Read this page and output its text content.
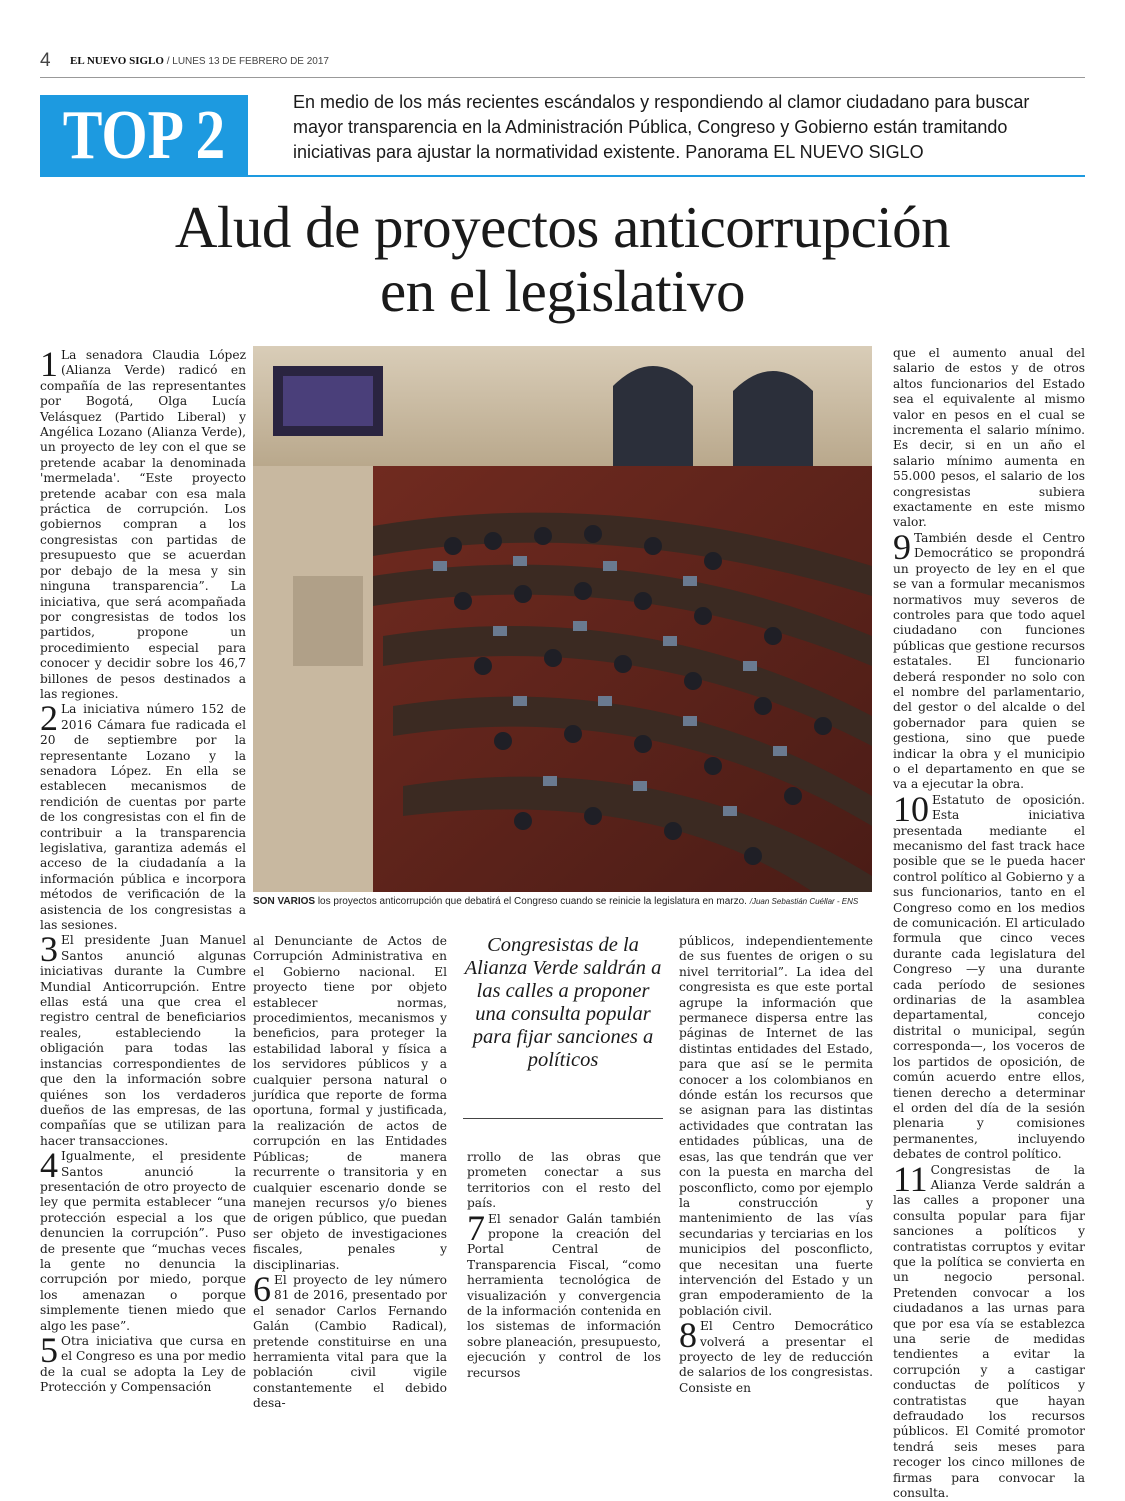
4 EL NUEVO SIGLO / LUNES 13 DE FEBRERO DE 2017
TOP 2	En medio de los más recientes escándalos y respondiendo al clamor ciudadano para buscar mayor transparencia en la Administración Pública, Congreso y Gobierno están tramitando iniciativas para ajustar la normatividad existente. Panorama EL NUEVO SIGLO
Alud de proyectos anticorrupción
en el legislativo
1 La senadora Claudia López (Alianza Verde) radicó en compañía de las representantes por Bogotá, Olga Lucía Velásquez (Partido Liberal) y Angélica Lozano (Alianza Verde), un proyecto de ley con el que se pretende acabar la denominada 'mermelada'. “Este proyecto pretende acabar con esa mala práctica de corrupción. Los gobiernos compran a los congresistas con partidas de presupuesto que se acuerdan por debajo de la mesa y sin ninguna transparencia”. La iniciativa, que será acompañada por congresistas de todos los partidos, propone un procedimiento especial para conocer y decidir sobre los 46,7 billones de pesos destinados a las regiones.
2 La iniciativa número 152 de 2016 Cámara fue radicada el 20 de septiembre por la representante Lozano y la senadora López. En ella se establecen mecanismos de rendición de cuentas por parte de los congresistas con el fin de contribuir a la transparencia legislativa, garantiza además el acceso de la ciudadanía a la información pública e incorpora métodos de verificación de la asistencia de los congresistas a las sesiones.
3 El presidente Juan Manuel Santos anunció algunas iniciativas durante la Cumbre Mundial Anticorrupción. Entre ellas está una que crea el registro central de beneficiarios reales, estableciendo la obligación para todas las instancias correspondientes de que den la información sobre quiénes son los verdaderos dueños de las empresas, de las compañías que se utilizan para hacer transacciones.
4 Igualmente, el presidente Santos anunció la presentación de otro proyecto de ley que permita establecer “una protección especial a los que denuncien la corrupción”. Puso de presente que “muchas veces la gente no denuncia la corrupción por miedo, porque los amenazan o porque simplemente tienen miedo que algo les pase”.
5 Otra iniciativa que cursa en el Congreso es una por medio de la cual se adopta la Ley de Protección y Compensación
SON VARIOS los proyectos anticorrupción que debatirá el Congreso cuando se reinicie la legislatura en marzo. /Juan Sebastián Cuéllar - ENS
al Denunciante de Actos de Corrupción Administrativa en el Gobierno nacional. El proyecto tiene por objeto establecer normas, procedimientos, mecanismos y beneficios, para proteger la estabilidad laboral y física a los servidores públicos y a cualquier persona natural o jurídica que reporte de forma oportuna, formal y justificada, la realización de actos de corrupción en las Entidades Públicas; de manera recurrente o transitoria y en cualquier escenario donde se manejen recursos y/o bienes de origen público, que puedan ser objeto de investigaciones fiscales, penales y disciplinarias.
6 El proyecto de ley número 81 de 2016, presentado por el senador Carlos Fernando Galán (Cambio Radical), pretende constituirse en una herramienta vital para que la población civil vigile constantemente el debido desa-
Congresistas de la Alianza Verde saldrán a las calles a proponer una consulta popular para fijar sanciones a políticos
rrollo de las obras que prometen conectar a sus territorios con el resto del país.
7 El senador Galán también propone la creación del Portal Central de Transparencia Fiscal, “como herramienta tecnológica de visualización y convergencia de la información contenida en los sistemas de información sobre planeación, presupuesto, ejecución y control de los recursos
públicos, independientemente de sus fuentes de origen o su nivel territorial”. La idea del congresista es que este portal agrupe la información que permanece dispersa entre las páginas de Internet de las distintas entidades del Estado, para que así se le permita conocer a los colombianos en dónde están los recursos que se asignan para las distintas actividades que contratan las entidades públicas, una de esas, las que tendrán que ver con la puesta en marcha del posconflicto, como por ejemplo la construcción y mantenimiento de las vías secundarias y terciarias en los municipios del posconflicto, que necesitan una fuerte intervención del Estado y un gran empoderamiento de la población civil.
8 El Centro Democrático volverá a presentar el proyecto de ley de reducción de salarios de los congresistas. Consiste en
que el aumento anual del salario de estos y de otros altos funcionarios del Estado sea el equivalente al mismo valor en pesos en el cual se incrementa el salario mínimo. Es decir, si en un año el salario mínimo aumenta en 55.000 pesos, el salario de los congresistas subiera exactamente en este mismo valor.
9 También desde el Centro Democrático se propondrá un proyecto de ley en el que se van a formular mecanismos normativos muy severos de controles para que todo aquel ciudadano con funciones públicas que gestione recursos estatales. El funcionario deberá responder no solo con el nombre del parlamentario, del gestor o del alcalde o del gobernador para quien se gestiona, sino que puede indicar la obra y el municipio o el departamento en que se va a ejecutar la obra.
10 Estatuto de oposición. Esta iniciativa presentada mediante el mecanismo del fast track hace posible que se le pueda hacer control político al Gobierno y a sus funcionarios, tanto en el Congreso como en los medios de comunicación. El articulado formula que cinco veces durante cada legislatura del Congreso —y una durante cada período de sesiones ordinarias de la asamblea departamental, concejo distrital o municipal, según corresponda—, los voceros de los partidos de oposición, de común acuerdo entre ellos, tienen derecho a determinar el orden del día de la sesión plenaria y comisiones permanentes, incluyendo debates de control político.
11 Congresistas de la Alianza Verde saldrán a las calles a proponer una consulta popular para fijar sanciones a políticos y contratistas corruptos y evitar que la política se convierta en un negocio personal. Pretenden convocar a los ciudadanos a las urnas para que por esa vía se establezca una serie de medidas tendientes a evitar la corrupción y a castigar conductas de políticos y contratistas que hayan defraudado los recursos públicos. El Comité promotor tendrá seis meses para recoger los cinco millones de firmas para convocar la consulta.
